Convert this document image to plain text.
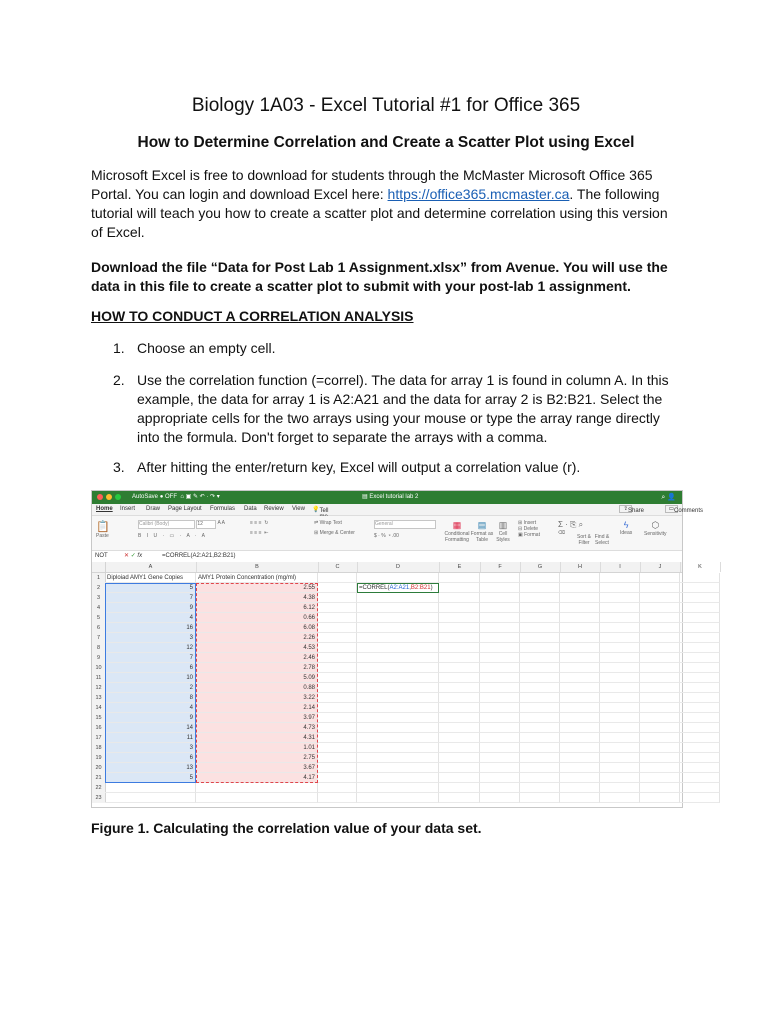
Biology 1A03 - Excel Tutorial #1 for Office 365
How to Determine Correlation and Create a Scatter Plot using Excel
Microsoft Excel is free to download for students through the McMaster Microsoft Office 365 Portal. You can login and download Excel here: https://office365.mcmaster.ca. The following tutorial will teach you how to create a scatter plot and determine correlation using this version of Excel.
Download the file “Data for Post Lab 1 Assignment.xlsx” from Avenue. You will use the data in this file to create a scatter plot to submit with your post-lab 1 assignment.
HOW TO CONDUCT A CORRELATION ANALYSIS
1. Choose an empty cell.
2. Use the correlation function (=correl). The data for array 1 is found in column A. In this example, the data for array 1 is A2:A21 and the data for array 2 is B2:B21. Select the appropriate cells for the two arrays using your mouse or type the array range directly into the formula. Don't forget to separate the arrays with a comma.
3. After hitting the enter/return key, Excel will output a correlation value (r).
AutoSave ● OFF  ⌂ ▣ ✎ ↶ · ↷ ▾	▤ Excel tutorial lab 2	⌕ 👤
Home Insert Draw Page Layout Formulas Data Review View 💡 Tell	⇪ Share	▭ Comments
📋
Paste
Calibri (Body)	12	A A
B I U · ▭ · A · A
≡ ≡ ≡  ↻
≡ ≡ ≡  ⇤
⇌ Wrap Text
⊞ Merge & Center
General
$ · %  ⁹ .00
▦
Conditional Formatting
▤
Format as Table
▥
Cell Styles
⊞ Insert
⊟ Delete
▣ Format
Σ · ⎘ ⌕
⌫
Sort & Filter
Find & Select
ϟ
Ideas
⬡
Sensitivity
NOT	✕ ✓ fx	=CORREL(A2:A21,B2:B21)
A	B	C	D	E	F	G	H	I	J	K
1	Diploiad AMY1 Gene Copies	AMY1 Protein Concentration (mg/ml)
2	5	2.55
3	7	4.38
4	9	6.12
5	4	0.66
6	16	6.08
7	3	2.26
8	12	4.53
9	7	2.46
10	6	2.78
11	10	5.09
12	2	0.88
13	8	3.22
14	4	2.14
15	9	3.97
16	14	4.73
17	11	4.31
18	3	1.01
19	6	2.75
20	13	3.67
21	5	4.17
22
23
=CORREL(A2:A21,B2:B21)
Figure 1. Calculating the correlation value of your data set.
